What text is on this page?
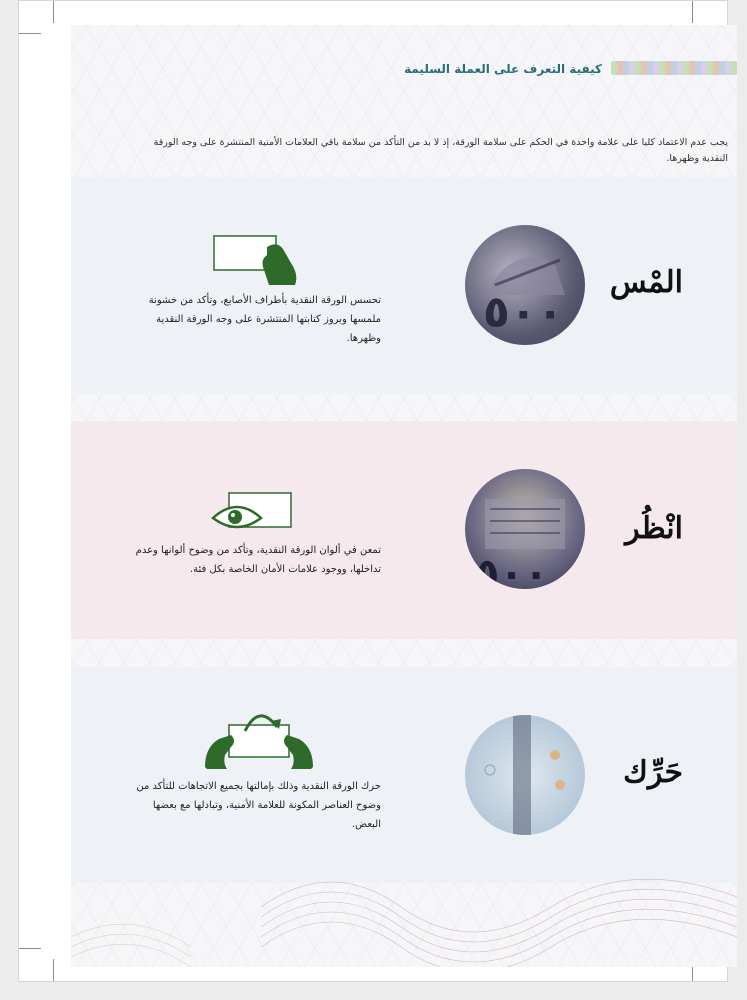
كيفية التعرف على العملة السليمة
يجب عدم الاعتماد كليا على علامة واحدة في الحكم على سلامة الورقة، إذ لا بد من التأكد من سلامة باقي العلامات الأمنية المنتشرة على وجه الورقة النقدية وظهرها.
المْس
٥٠٠
تحسس الورقة النقدية بأطراف الأصابع، وتأكد من خشونة ملمسها وبروز كتابتها المنتشرة على وجه الورقة النقدية وظهرها.
انْظُر
٥٠٠
تمعن في ألوان الورقة النقدية، وتأكد من وضوح ألوانها وعدم تداخلها، ووجود علامات الأمان الخاصة بكل فئة.
حَرِّك
حرك الورقة النقدية وذلك بإمالتها بجميع الاتجاهات للتأكد من وضوح العناصر المكونة للعلامة الأمنية، وتبادلها مع بعضها البعض.
